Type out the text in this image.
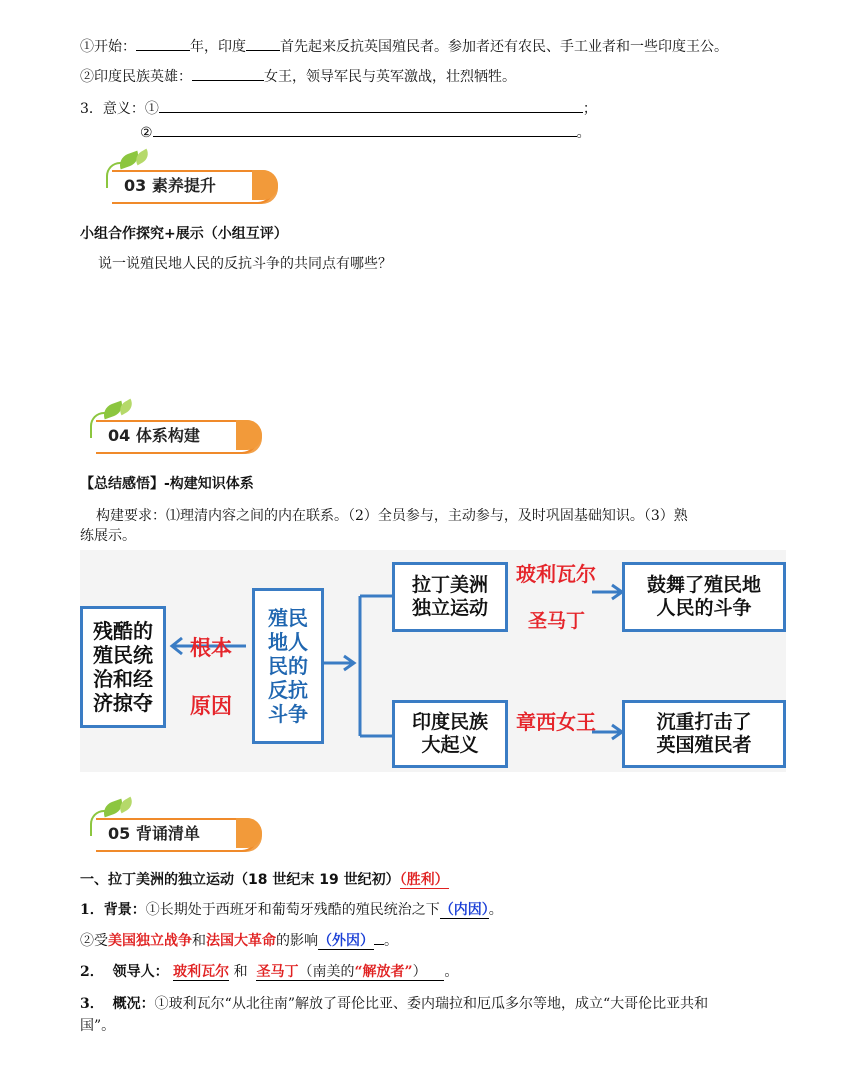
①开始：	年，印度 首先起来反抗英国殖民者。参加者还有农民、手工业者和一些印度王公。
②印度民族英雄：	女王，领导军民与英军激战，壮烈牺牲。
3．意义：①	；
②	。
03 素养提升
小组合作探究+展示（小组互评）
说一说殖民地人民的反抗斗争的共同点有哪些？
04 体系构建
【总结感悟】-构建知识体系
构建要求：⑴理清内容之间的内在联系。（2）全员参与，主动参与，及时巩固基础知识。（3）熟
练展示。
残酷的
殖民统
治和经
济掠夺
根本
原因
殖民
地人
民的
反抗
斗争
拉丁美洲
独立运动
玻利瓦尔
圣马丁
鼓舞了殖民地
人民的斗争
印度民族
大起义
章西女王	沉重打击了
英国殖民者
05 背诵清单
一、拉丁美洲的独立运动（18 世纪末 19 世纪初）（胜利）
1．背景：①长期处于西班牙和葡萄牙残酷的殖民统治之下（内因）。
②受美国独立战争和法国大革命的影响（外因） 。
2． 领导人： 玻利瓦尔 和 圣马丁（南美的“解放者”） 。
3． 概况：①玻利瓦尔“从北往南”解放了哥伦比亚、委内瑞拉和厄瓜多尔等地，成立“大哥伦比亚共和
国”。
